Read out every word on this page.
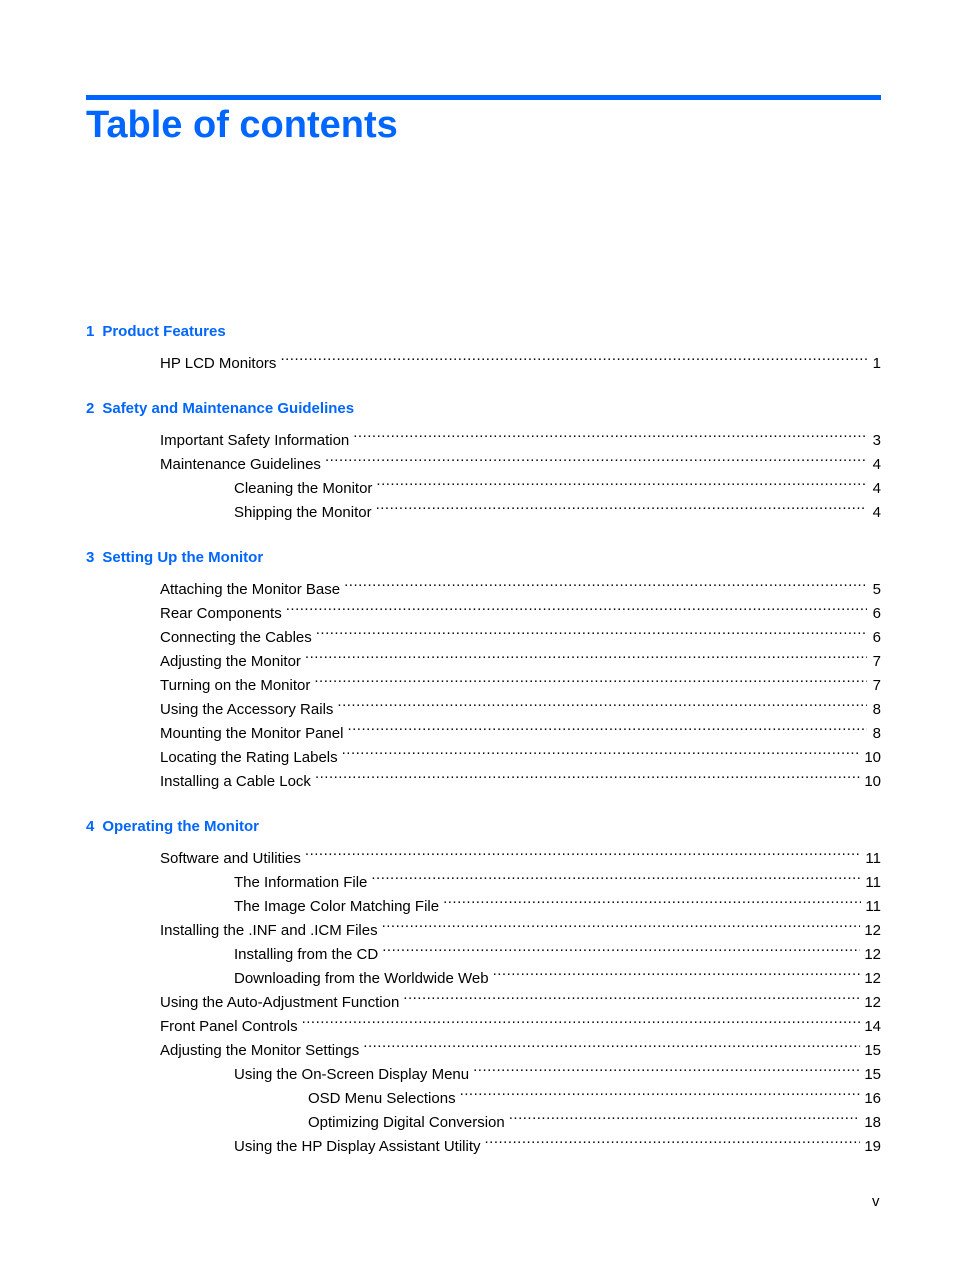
Table of contents
1 Product Features
HP LCD Monitors .....	1
2 Safety and Maintenance Guidelines
Important Safety Information .....	3
Maintenance Guidelines .....	4
Cleaning the Monitor .....	4
Shipping the Monitor .....	4
3 Setting Up the Monitor
Attaching the Monitor Base .....	5
Rear Components .....	6
Connecting the Cables .....	6
Adjusting the Monitor .....	7
Turning on the Monitor .....	7
Using the Accessory Rails .....	8
Mounting the Monitor Panel .....	8
Locating the Rating Labels .....	10
Installing a Cable Lock .....	10
4 Operating the Monitor
Software and Utilities .....	11
The Information File .....	11
The Image Color Matching File .....	11
Installing the .INF and .ICM Files .....	12
Installing from the CD .....	12
Downloading from the Worldwide Web .....	12
Using the Auto-Adjustment Function .....	12
Front Panel Controls .....	14
Adjusting the Monitor Settings .....	15
Using the On-Screen Display Menu .....	15
OSD Menu Selections .....	16
Optimizing Digital Conversion .....	18
Using the HP Display Assistant Utility .....	19
v
